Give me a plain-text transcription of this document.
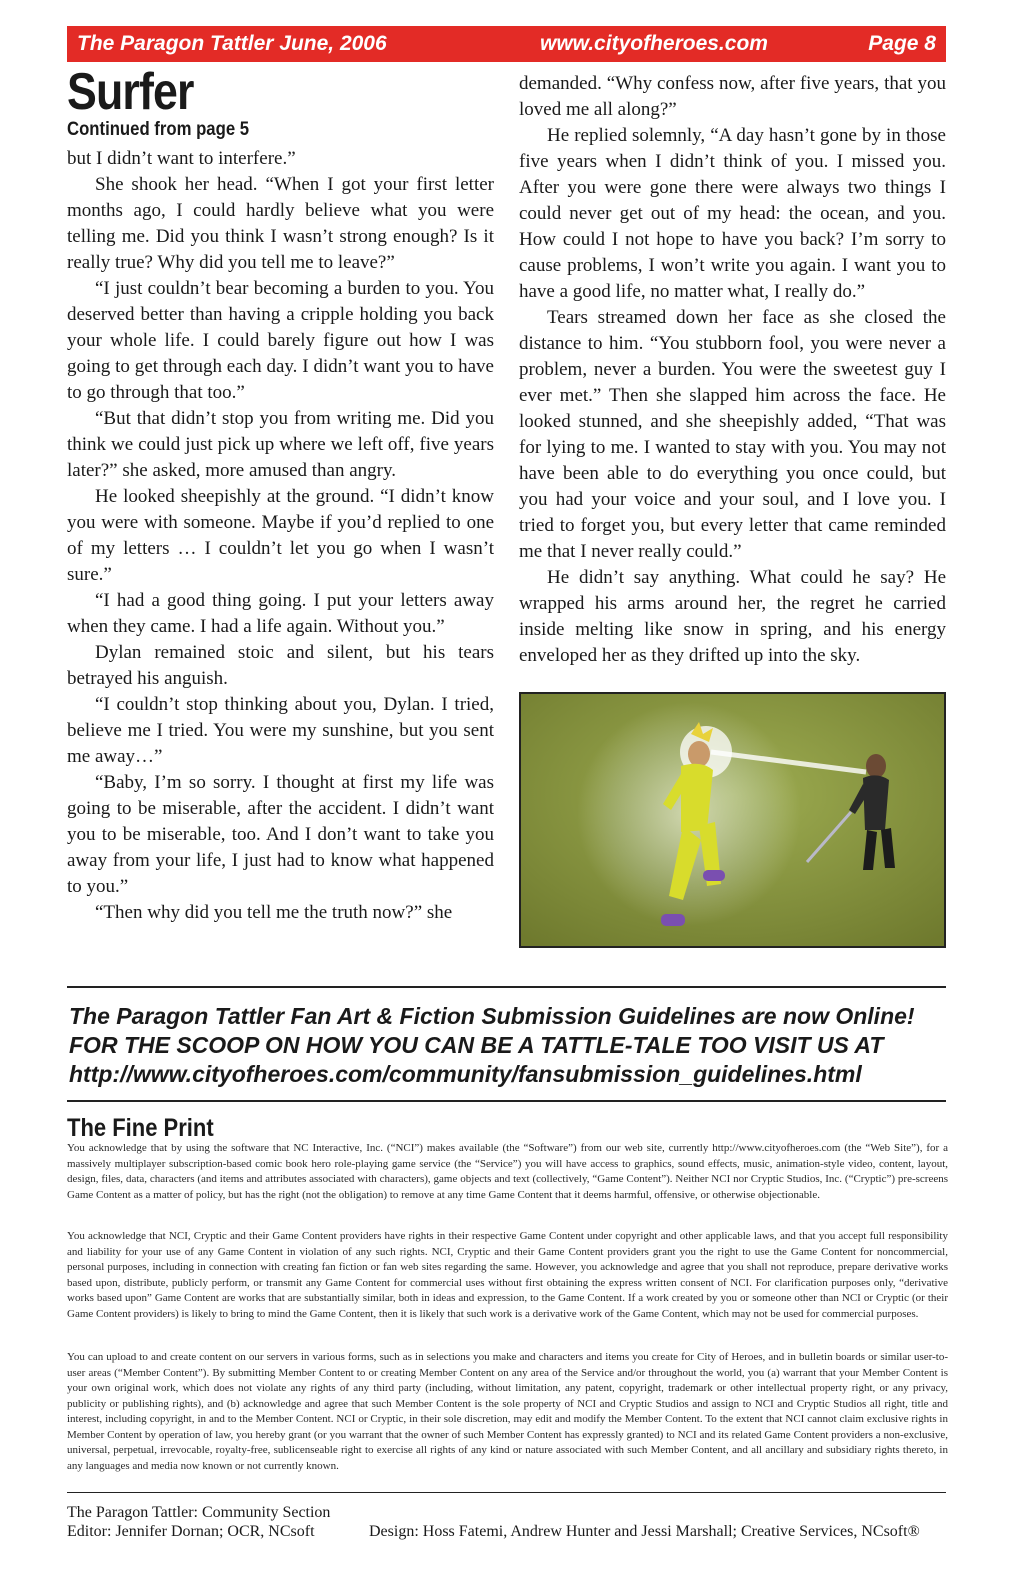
The Paragon Tattler June, 2006	www.cityofheroes.com	Page 8
Surfer
Continued from page 5

but I didn’t want to interfere.”

She shook her head. “When I got your first letter months ago, I could hardly believe what you were telling me. Did you think I wasn’t strong enough? Is it really true? Why did you tell me to leave?”

“I just couldn’t bear becoming a burden to you. You deserved better than having a cripple holding you back your whole life. I could barely figure out how I was going to get through each day. I didn’t want you to have to go through that too.”

“But that didn’t stop you from writing me. Did you think we could just pick up where we left off, five years later?” she asked, more amused than angry.

He looked sheepishly at the ground. “I didn’t know you were with someone. Maybe if you’d replied to one of my letters … I couldn’t let you go when I wasn’t sure.”

“I had a good thing going. I put your letters away when they came. I had a life again. Without you.”

Dylan remained stoic and silent, but his tears betrayed his anguish.

“I couldn’t stop thinking about you, Dylan. I tried, believe me I tried. You were my sunshine, but you sent me away…”

“Baby, I’m so sorry. I thought at first my life was going to be miserable, after the accident. I didn’t want you to be miserable, too. And I don’t want to take you away from your life, I just had to know what happened to you.”

“Then why did you tell me the truth now?” she

demanded. “Why confess now, after five years, that you loved me all along?”

He replied solemnly, “A day hasn’t gone by in those five years when I didn’t think of you. I missed you. After you were gone there were always two things I could never get out of my head: the ocean, and you. How could I not hope to have you back? I’m sorry to cause problems, I won’t write you again. I want you to have a good life, no matter what, I really do.”

Tears streamed down her face as she closed the distance to him. “You stubborn fool, you were never a problem, never a burden. You were the sweetest guy I ever met.” Then she slapped him across the face. He looked stunned, and she sheepishly added, “That was for lying to me. I wanted to stay with you. You may not have been able to do everything you once could, but you had your voice and your soul, and I love you. I tried to forget you, but every letter that came reminded me that I never really could.”

He didn’t say anything. What could he say? He wrapped his arms around her, the regret he carried inside melting like snow in spring, and his energy enveloped her as they drifted up into the sky.

The Paragon Tattler Fan Art & Fiction Submission Guidelines are now Online!
FOR THE SCOOP ON HOW YOU CAN BE A TATTLE-TALE TOO VISIT US AT
http://www.cityofheroes.com/community/fansubmission_guidelines.html
The Fine Print
You acknowledge that by using the software that NC Interactive, Inc. (“NCI”) makes available (the “Software”) from our web site, currently http://www.cityofheroes.com (the “Web Site”), for a massively multiplayer subscription-based comic book hero role-playing game service (the “Service”) you will have access to graphics, sound effects, music, animation-style video, content, layout, design, files, data, characters (and items and attributes associated with characters), game objects and text (collectively, “Game Content”). Neither NCI nor Cryptic Studios, Inc. (“Cryptic”) pre-screens Game Content as a matter of policy, but has the right (not the obligation) to remove at any time Game Content that it deems harmful, offensive, or otherwise objectionable.
You acknowledge that NCI, Cryptic and their Game Content providers have rights in their respective Game Content under copyright and other applicable laws, and that you accept full responsibility and liability for your use of any Game Content in violation of any such rights. NCI, Cryptic and their Game Content providers grant you the right to use the Game Content for noncommercial, personal purposes, including in connection with creating fan fiction or fan web sites regarding the same. However, you acknowledge and agree that you shall not reproduce, prepare derivative works based upon, distribute, publicly perform, or transmit any Game Content for commercial uses without first obtaining the express written consent of NCI. For clarification purposes only, “derivative works based upon” Game Content are works that are substantially similar, both in ideas and expression, to the Game Content. If a work created by you or someone other than NCI or Cryptic (or their Game Content providers) is likely to bring to mind the Game Content, then it is likely that such work is a derivative work of the Game Content, which may not be used for commercial purposes.
You can upload to and create content on our servers in various forms, such as in selections you make and characters and items you create for City of Heroes, and in bulletin boards or similar user-to-user areas (“Member Content”). By submitting Member Content to or creating Member Content on any area of the Service and/or throughout the world, you (a) warrant that your Member Content is your own original work, which does not violate any rights of any third party (including, without limitation, any patent, copyright, trademark or other intellectual property right, or any privacy, publicity or publishing rights), and (b) acknowledge and agree that such Member Content is the sole property of NCI and Cryptic Studios and assign to NCI and Cryptic Studios all right, title and interest, including copyright, in and to the Member Content. NCI or Cryptic, in their sole discretion, may edit and modify the Member Content. To the extent that NCI cannot claim exclusive rights in Member Content by operation of law, you hereby grant (or you warrant that the owner of such Member Content has expressly granted) to NCI and its related Game Content providers a non-exclusive, universal, perpetual, irrevocable, royalty-free, sublicenseable right to exercise all rights of any kind or nature associated with such Member Content, and all ancillary and subsidiary rights thereto, in any languages and media now known or not currently known.
The Paragon Tattler: Community Section
Editor: Jennifer Dornan; OCR, NCsoft	Design: Hoss Fatemi, Andrew Hunter and Jessi Marshall; Creative Services, NCsoft®
